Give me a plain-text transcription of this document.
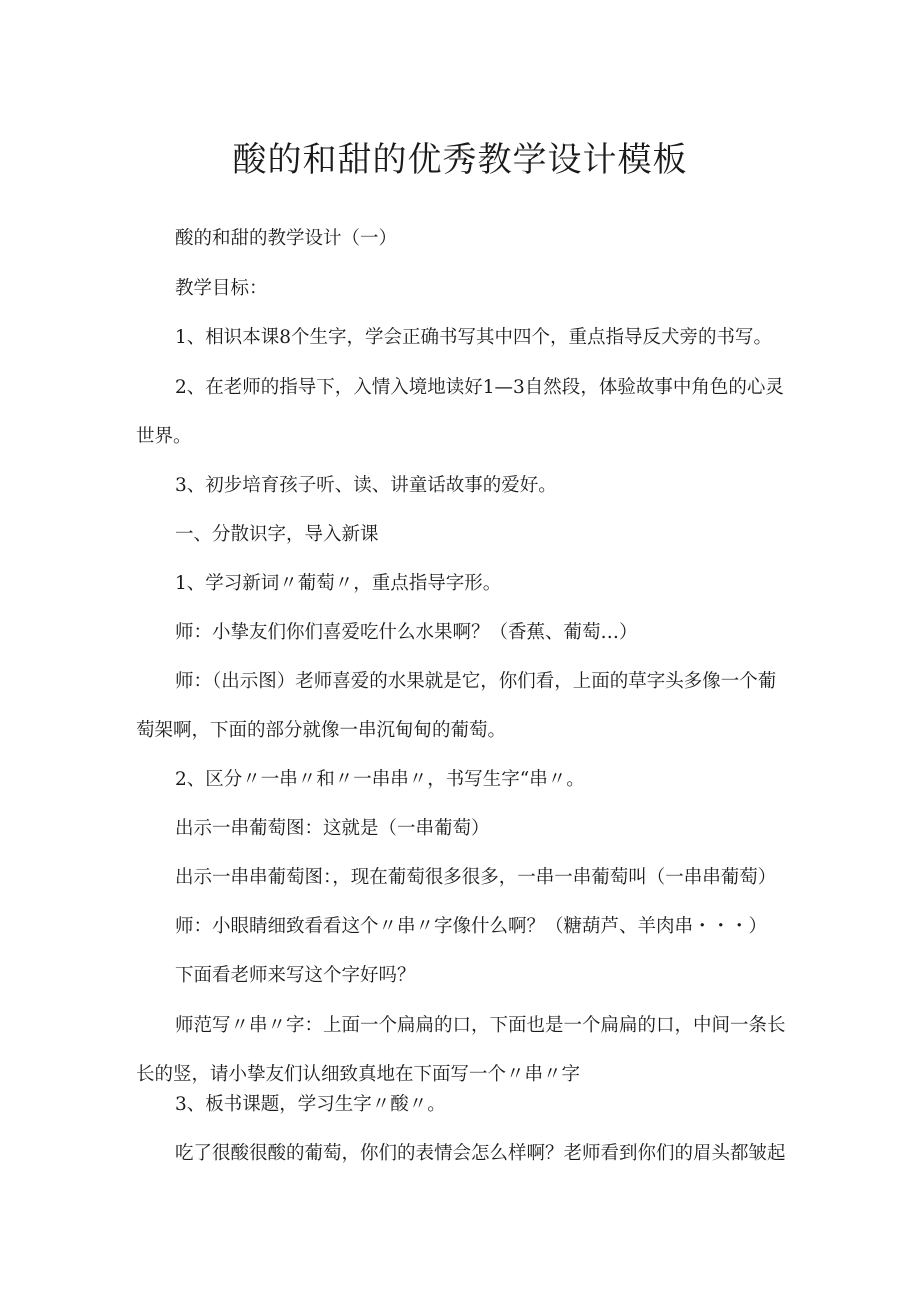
酸的和甜的优秀教学设计模板

酸的和甜的教学设计（一）

教学目标：

1、相识本课8个生字，学会正确书写其中四个，重点指导反犬旁的书写。

2、在老师的指导下，入情入境地读好1—3自然段，体验故事中角色的心灵

世界。

3、初步培育孩子听、读、讲童话故事的爱好。

一、分散识字，导入新课

1、学习新词〃葡萄〃，重点指导字形。

师：小挚友们你们喜爱吃什么水果啊？（香蕉、葡萄…）

师：（出示图）老师喜爱的水果就是它，你们看，上面的草字头多像一个葡

萄架啊，下面的部分就像一串沉甸甸的葡萄。

2、区分〃一串〃和〃一串串〃，书写生字“串〃。

出示一串葡萄图：这就是（一串葡萄）

出示一串串葡萄图：，现在葡萄很多很多，一串一串葡萄叫（一串串葡萄）

师：小眼睛细致看看这个〃串〃字像什么啊？（糖葫芦、羊肉串・・・）

下面看老师来写这个字好吗？

师范写〃串〃字：上面一个扁扁的口，下面也是一个扁扁的口，中间一条长

长的竖，请小挚友们认细致真地在下面写一个〃串〃字

3、板书课题，学习生字〃酸〃。

吃了很酸很酸的葡萄，你们的表情会怎么样啊？老师看到你们的眉头都皱起
